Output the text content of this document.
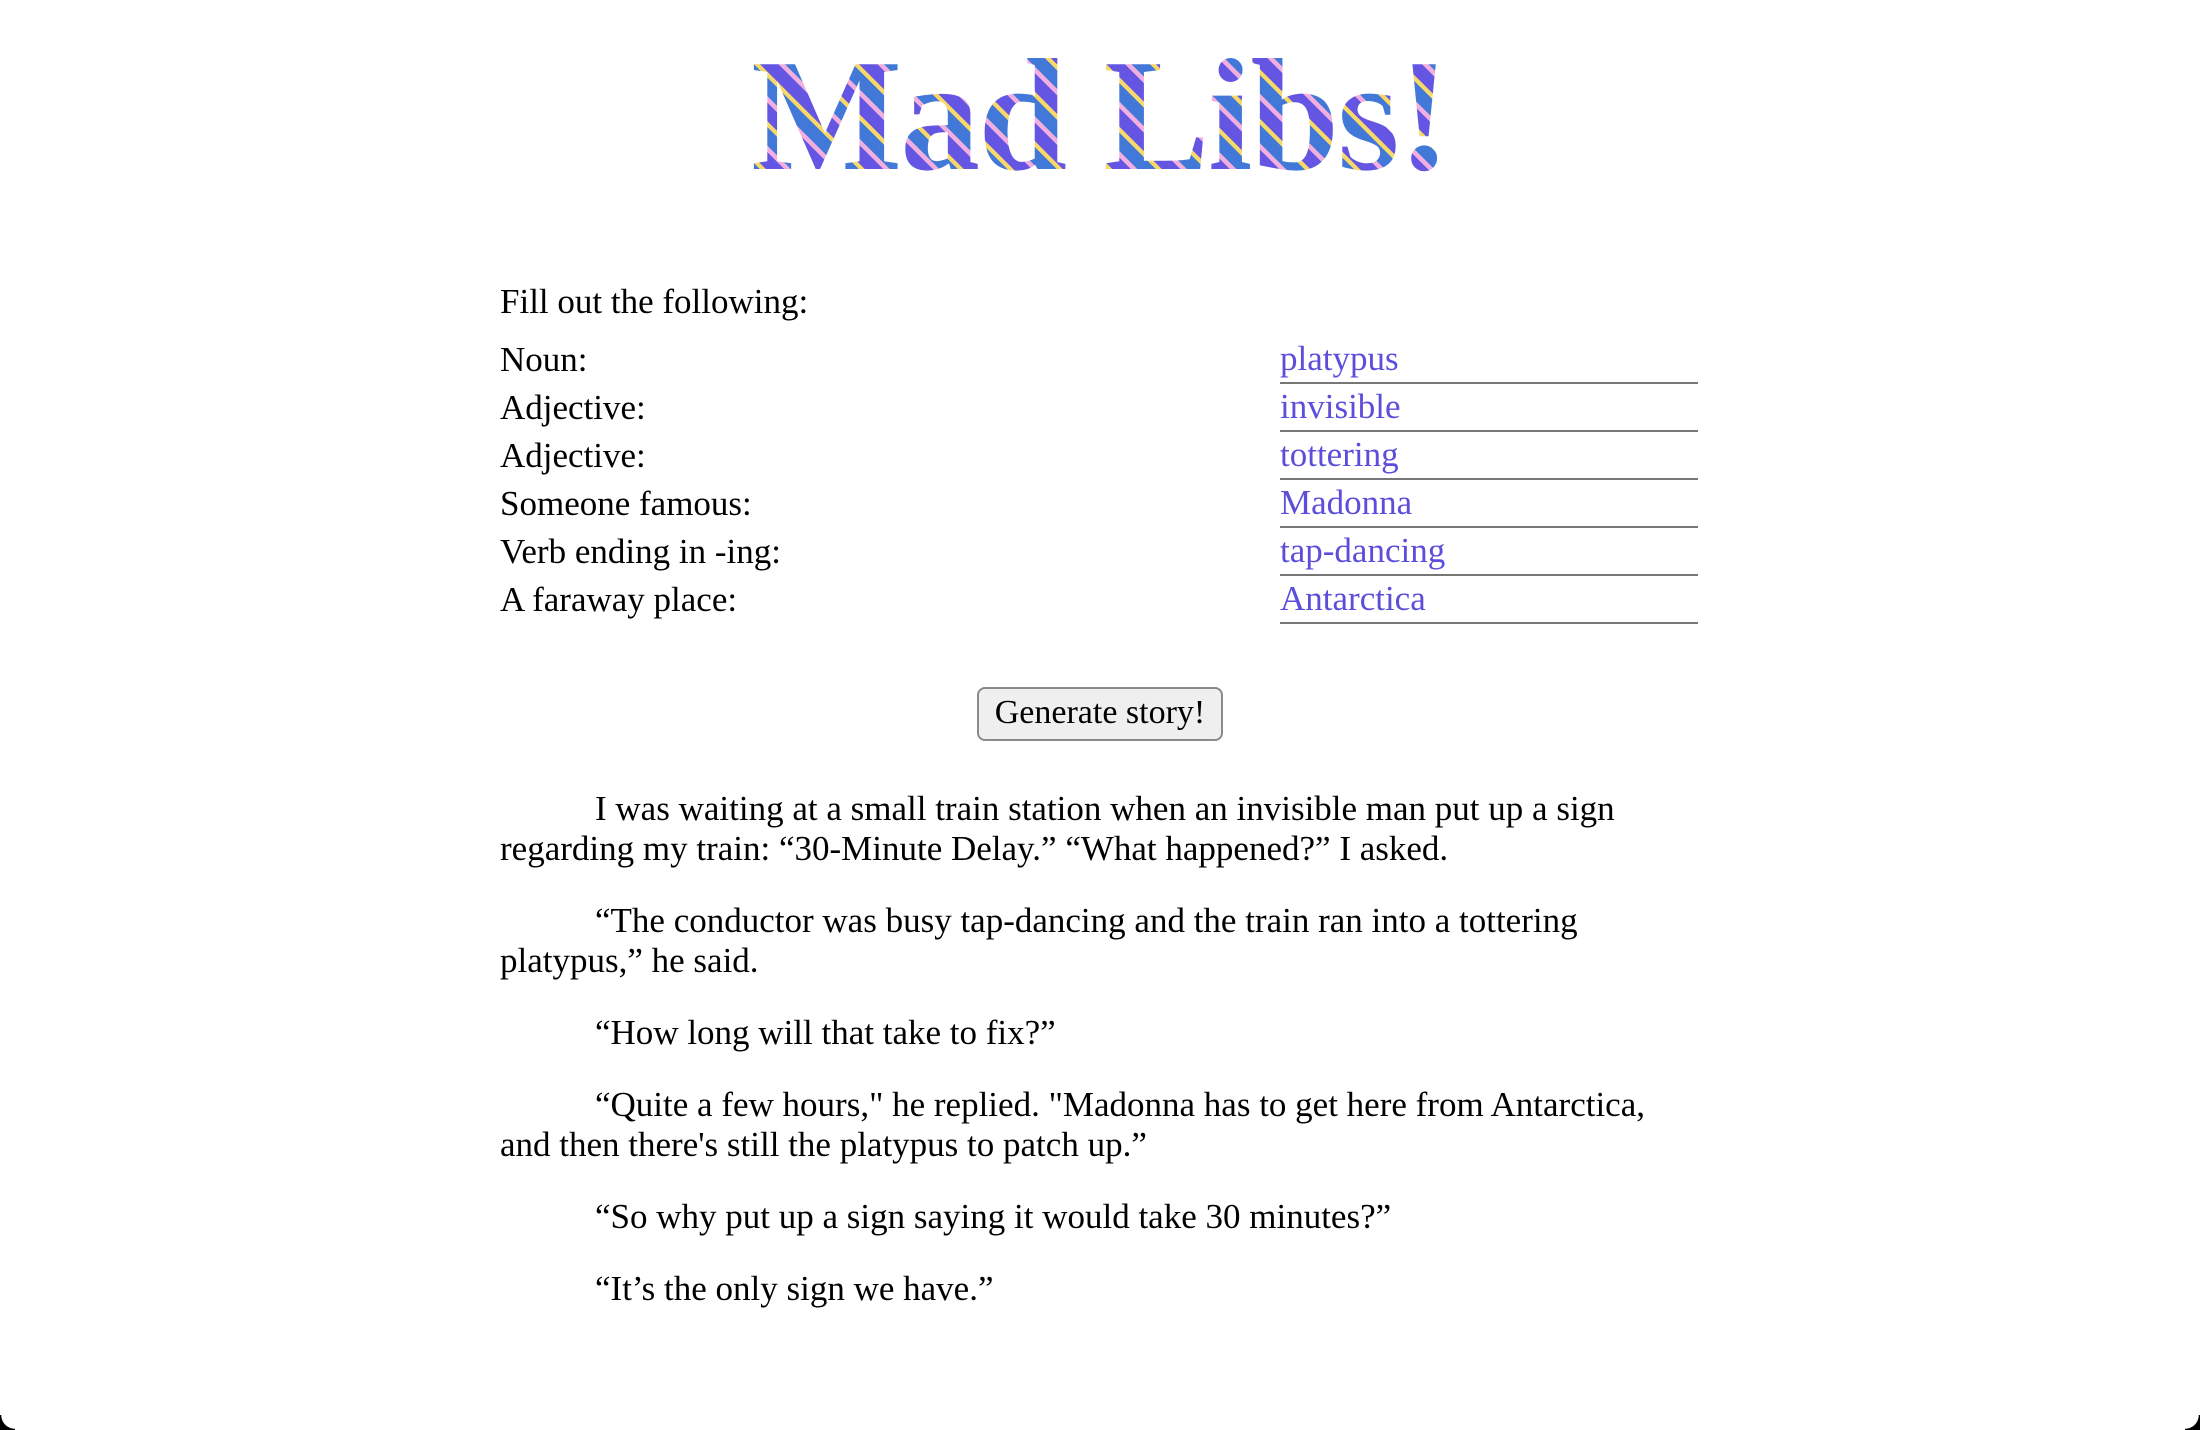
Mad Libs!

Fill out the following:

Noun:
platypus
Adjective:
invisible
Adjective:
tottering
Someone famous:
Madonna
Verb ending in -ing:
tap-dancing
A faraway place:
Antarctica
Generate story!

I was waiting at a small train station when an invisible man put up a sign regarding my train: “30-Minute Delay.” “What happened?” I asked.

“The conductor was busy tap-dancing and the train ran into a tottering platypus,” he said.

“How long will that take to fix?”

“Quite a few hours," he replied. "Madonna has to get here from Antarctica, and then there's still the platypus to patch up.”

“So why put up a sign saying it would take 30 minutes?”

“It’s the only sign we have.”
